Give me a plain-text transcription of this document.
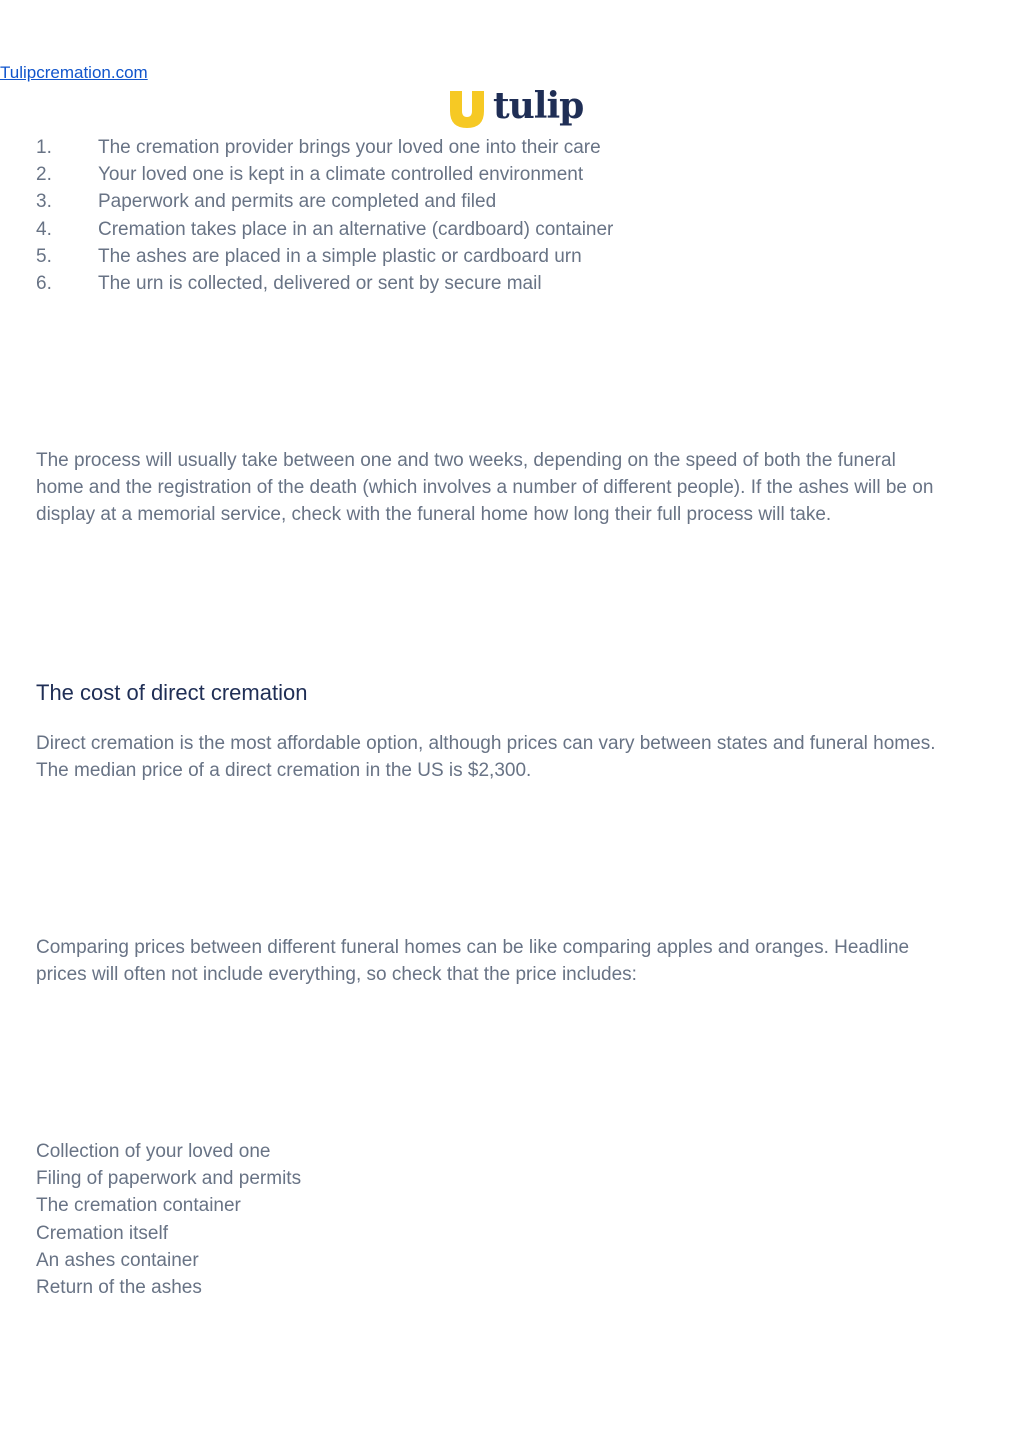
Tulipcremation.com
tulip
1.	The cremation provider brings your loved one into their care
2.	Your loved one is kept in a climate controlled environment
3.	Paperwork and permits are completed and filed
4.	Cremation takes place in an alternative (cardboard) container
5.	The ashes are placed in a simple plastic or cardboard urn
6.	The urn is collected, delivered or sent by secure mail

The process will usually take between one and two weeks, depending on the speed of both the funeral
home and the registration of the death (which involves a number of different people). If the ashes will be on
display at a memorial service, check with the funeral home how long their full process will take.

The cost of direct cremation

Direct cremation is the most affordable option, although prices can vary between states and funeral homes.
The median price of a direct cremation in the US is $2,300.

Comparing prices between different funeral homes can be like comparing apples and oranges. Headline
prices will often not include everything, so check that the price includes:

Collection of your loved one
Filing of paperwork and permits
The cremation container
Cremation itself
An ashes container
Return of the ashes
